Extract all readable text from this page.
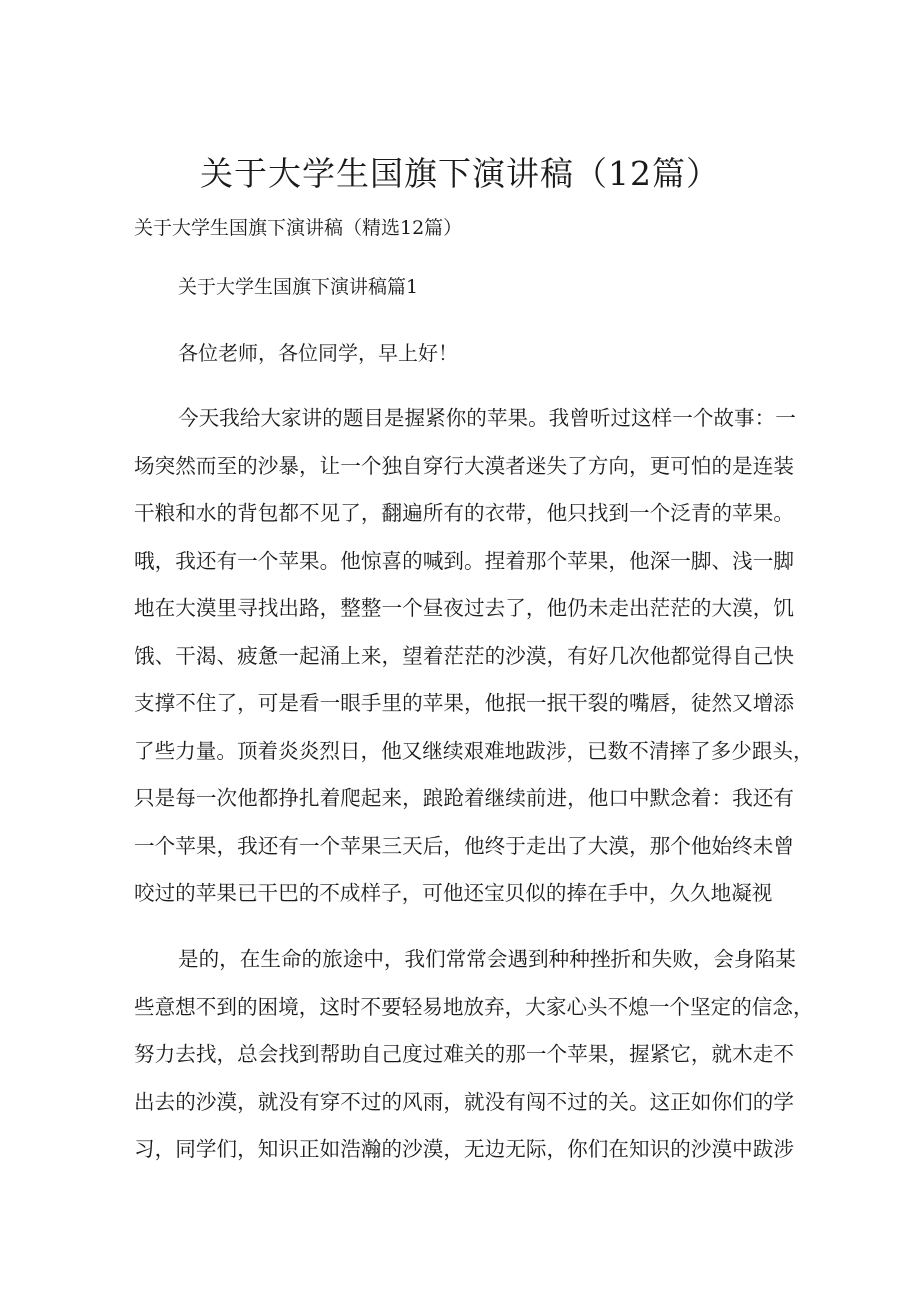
关于大学生国旗下演讲稿（12篇）
关于大学生国旗下演讲稿（精选12篇）
关于大学生国旗下演讲稿篇1
各位老师，各位同学，早上好！
今天我给大家讲的题目是握紧你的苹果。我曾听过这样一个故事：一
场突然而至的沙暴，让一个独自穿行大漠者迷失了方向，更可怕的是连装
干粮和水的背包都不见了，翻遍所有的衣带，他只找到一个泛青的苹果。
哦，我还有一个苹果。他惊喜的喊到。捏着那个苹果，他深一脚、浅一脚
地在大漠里寻找出路，整整一个昼夜过去了，他仍未走出茫茫的大漠，饥
饿、干渴、疲惫一起涌上来，望着茫茫的沙漠，有好几次他都觉得自己快
支撑不住了，可是看一眼手里的苹果，他抿一抿干裂的嘴唇，徒然又增添
了些力量。顶着炎炎烈日，他又继续艰难地跋涉，已数不清摔了多少跟头，
只是每一次他都挣扎着爬起来，踉跄着继续前进，他口中默念着：我还有
一个苹果，我还有一个苹果三天后，他终于走出了大漠，那个他始终未曾
咬过的苹果已干巴的不成样子，可他还宝贝似的捧在手中，久久地凝视
是的，在生命的旅途中，我们常常会遇到种种挫折和失败，会身陷某
些意想不到的困境，这时不要轻易地放弃，大家心头不熄一个坚定的信念，
努力去找，总会找到帮助自己度过难关的那一个苹果，握紧它，就木走不
出去的沙漠，就没有穿不过的风雨，就没有闯不过的关。这正如你们的学
习，同学们，知识正如浩瀚的沙漠，无边无际，你们在知识的沙漠中跋涉
